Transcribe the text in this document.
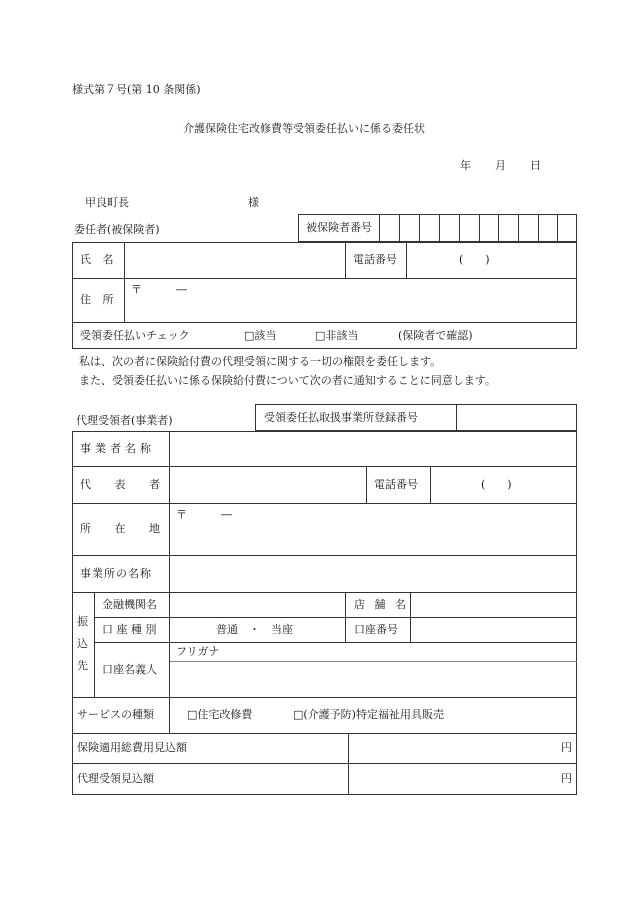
様式第７号(第 10 条関係)
介護保険住宅改修費等受領委任払いに係る委任状
年 月 日
甲良町長	様
委任者(被保険者)	被保険者番号
氏 名	電話番号	(　　)
住 所
〒	―
受領委任払いチェック	□該当	□非該当	(保険者で確認)
私は、次の者に保険給付費の代理受領に関する一切の権限を委任します。
また、受領委任払いに係る保険給付費について次の者に通知することに同意します。
代理受領者(事業者)	受領委任払取扱事業所登録番号
事業者名称
代 表 者	電話番号	(　　)
所 在 地
〒	―
事業所の名称
振
込
先
金融機関名	店 舗 名
口 座 種 別	普通　・　当座	口座番号
フリガナ
口座名義人
サービスの種類	□住宅改修費	□(介護予防)特定福祉用具販売
保険適用総費用見込額	円
代理受領見込額	円
